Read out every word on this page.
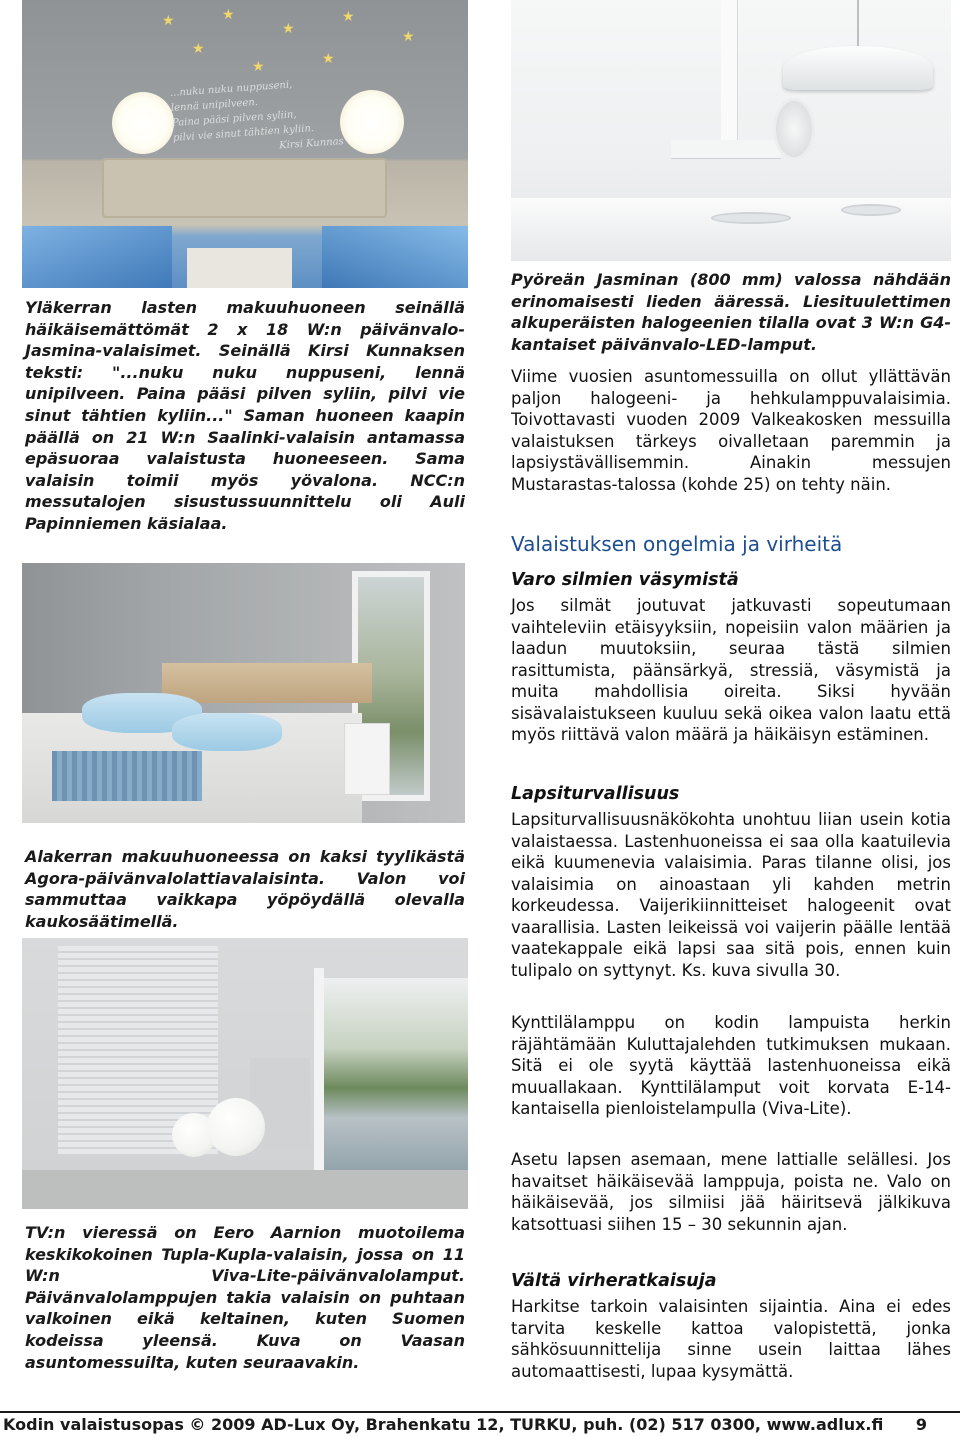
★	★
★
★
★
★
★
★
...nuku nuku nuppuseni,
lennä unipilveen.
Paina pääsi pilven syliin,
pilvi vie sinut tähtien kyliin.
Kirsi Kunnas

Yläkerran lasten makuuhuoneen seinällä häikäisemättömät 2 x 18 W:n päivänvalo-Jasmina-valaisimet. Seinällä Kirsi Kunnaksen teksti: "...nuku nuku nuppuseni, lennä unipilveen. Paina pääsi pilven syliin, pilvi vie sinut tähtien kyliin..." Saman huoneen kaapin päällä on 21 W:n Saalinki-valaisin antamassa epäsuoraa valaistusta huoneeseen. Sama valaisin toimii myös yövalona. NCC:n messutalojen sisustussuunnittelu oli Auli Papinniemen käsialaa.

Alakerran makuuhuoneessa on kaksi tyylikästä Agora-päivänvalolattiavalaisinta. Valon voi sammuttaa vaikkapa yöpöydällä olevalla kaukosäätimellä.

TV:n vieressä on Eero Aarnion muotoilema keskikokoinen Tupla-Kupla-valaisin, jossa on 11 W:n Viva-Lite-päivänvalolamput. Päivänvalolamppujen takia valaisin on puhtaan valkoinen eikä keltainen, kuten Suomen kodeissa yleensä. Kuva on Vaasan asuntomessuilta, kuten seuraavakin.

Pyöreän Jasminan (800 mm) valossa nähdään erinomaisesti lieden ääressä. Liesituulettimen alkuperäisten halogeenien tilalla ovat 3 W:n G4-kantaiset päivänvalo-LED-lamput.

Viime vuosien asuntomessuilla on ollut yllättävän paljon halogeeni- ja hehkulamppuvalaisimia. Toivottavasti vuoden 2009 Valkeakosken messuilla valaistuksen tärkeys oivalletaan paremmin ja lapsiystävällisemmin. Ainakin messujen Mustarastas-talossa (kohde 25) on tehty näin.

Valaistuksen ongelmia ja virheitä
Varo silmien väsymistä

Jos silmät joutuvat jatkuvasti sopeutumaan vaihteleviin etäisyyksiin, nopeisiin valon määrien ja laadun muutoksiin, seuraa tästä silmien rasittumista, päänsärkyä, stressiä, väsymistä ja muita mahdollisia oireita. Siksi hyvään sisävalaistukseen kuuluu sekä oikea valon laatu että myös riittävä valon määrä ja häikäisyn estäminen.

Lapsiturvallisuus

Lapsiturvallisuusnäkökohta unohtuu liian usein kotia valaistaessa. Lastenhuoneissa ei saa olla kaatuilevia eikä kuumenevia valaisimia. Paras tilanne olisi, jos valaisimia on ainoastaan yli kahden metrin korkeudessa. Vaijerikiinnitteiset halogeenit ovat vaarallisia. Lasten leikeissä voi vaijerin päälle lentää vaatekappale eikä lapsi saa sitä pois, ennen kuin tulipalo on syttynyt. Ks. kuva sivulla 30.

Kynttilälamppu on kodin lampuista herkin räjähtämään Kuluttajalehden tutkimuksen mukaan. Sitä ei ole syytä käyttää lastenhuoneissa eikä muuallakaan. Kynttilälamput voit korvata E-14-kantaisella pienloistelampulla (Viva-Lite).

Asetu lapsen asemaan, mene lattialle selällesi. Jos havaitset häikäisevää lamppuja, poista ne. Valo on häikäisevää, jos silmiisi jää häiritsevä jälkikuva katsottuasi siihen 15 – 30 sekunnin ajan.

Vältä virheratkaisuja

Harkitse tarkoin valaisinten sijaintia. Aina ei edes tarvita keskelle kattoa valopistettä, jonka sähkösuunnittelija sinne usein laittaa lähes automaattisesti, lupaa kysymättä.

Kodin valaistusopas © 2009 AD-Lux Oy, Brahenkatu 12, TURKU, puh. (02) 517 0300, www.adlux.fi 9
